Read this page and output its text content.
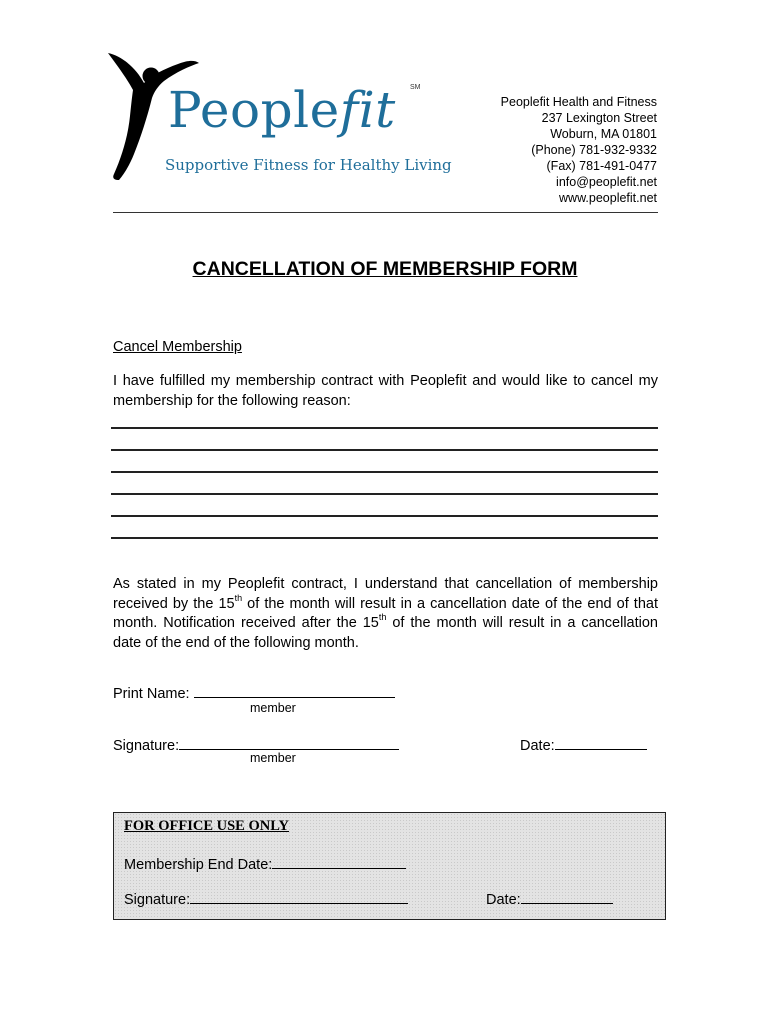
Peoplefit SM
Supportive Fitness for Healthy Living
Peoplefit Health and Fitness
237 Lexington Street
Woburn, MA 01801
(Phone) 781-932-9332
(Fax) 781-491-0477
info@peoplefit.net
www.peoplefit.net
CANCELLATION OF MEMBERSHIP FORM
Cancel Membership
I have fulfilled my membership contract with Peoplefit and would like to cancel my membership for the following reason:
As stated in my Peoplefit contract, I understand that cancellation of membership received by the 15th of the month will result in a cancellation date of the end of that month. Notification received after the 15th of the month will result in a cancellation date of the end of the following month.
Print Name:
member
Signature:
member
Date:
FOR OFFICE USE ONLY
Membership End Date:
Signature:	Date:
